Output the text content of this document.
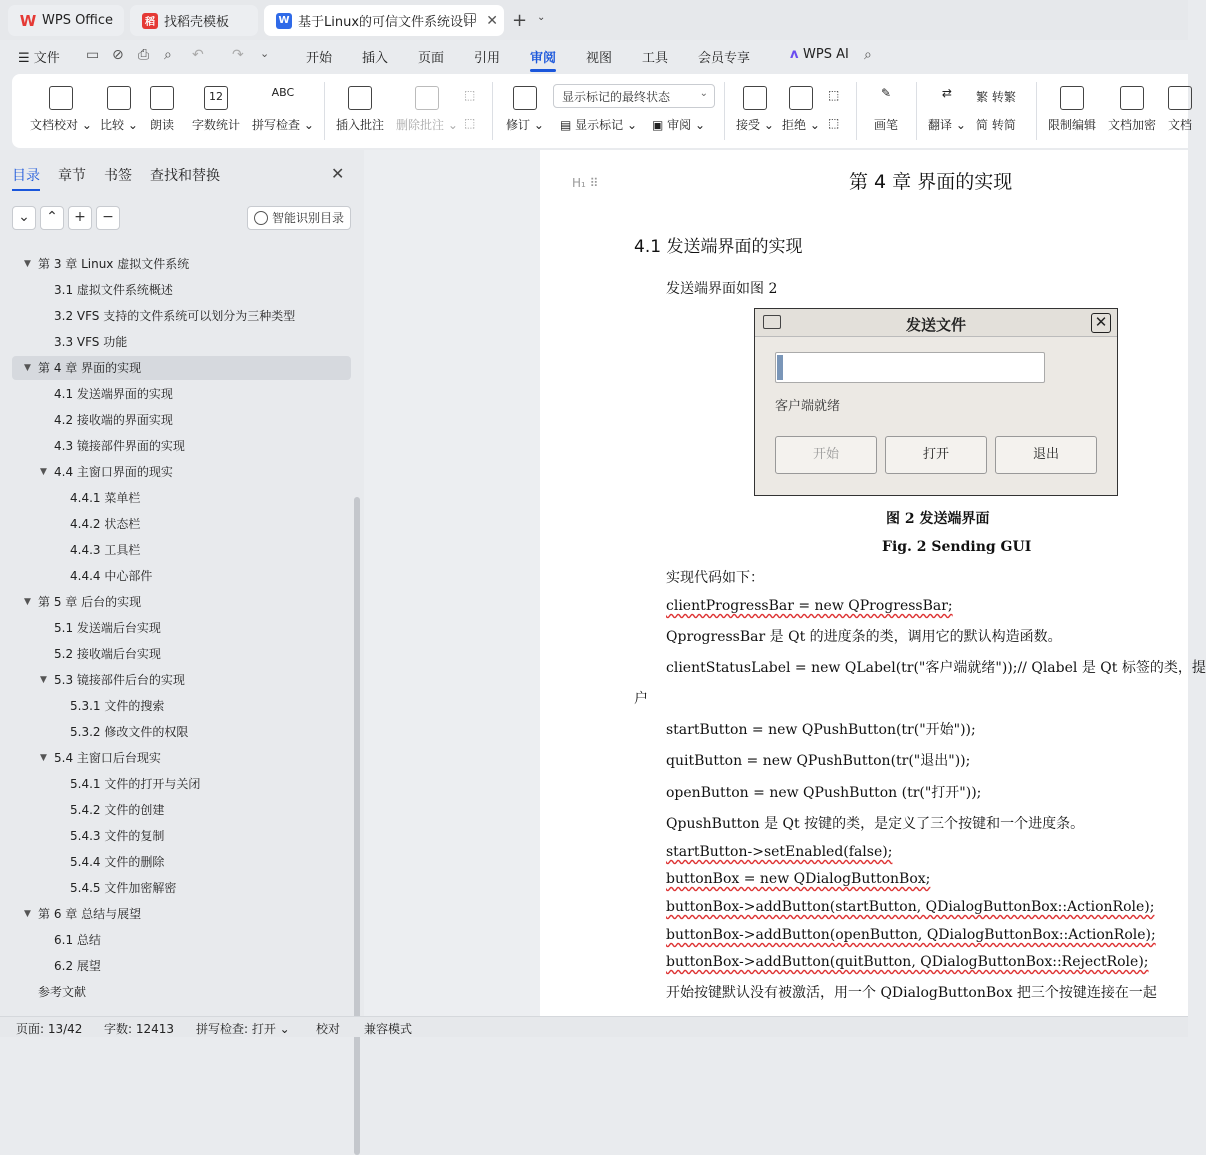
W WPS Office	稻 找稻壳模板	W 基于Linux的可信文件系统设计 ✕ + ⌄
☰ 文件 ▭ ⊘ ⎙ ⌕ ↶ ↷ ⌄	开始 插入 页面 引用 审阅 视图 工具 会员专享	ʌ WPS AI ⌕
文档校对 ⌄ 比较 ⌄ 朗读
12
字数统计
ABC
拼写检查 ⌄ 插入批注 删除批注 ⌄
⬚
⬚	修订 ⌄
显示标记的最终状态	⌄
▤ 显示标记 ⌄ ▣ 审阅 ⌄	接受 ⌄ 拒绝 ⌄
⬚
⬚
✎
画笔
⇄
翻译 ⌄
繁 转繁
简 转简	限制编辑 文档加密 文档
目录 章节 书签 查找和替换	✕
⌄	⌃	+	−	智能识别目录
▼ 第 3 章 Linux 虚拟文件系统
3.1 虚拟文件系统概述
3.2 VFS 支持的文件系统可以划分为三种类型
3.3 VFS 功能
▼ 第 4 章 界面的实现
4.1 发送端界面的实现
4.2 接收端的界面实现
4.3 镜接部件界面的实现
▼ 4.4 主窗口界面的现实
4.4.1 菜单栏
4.4.2 状态栏
4.4.3 工具栏
4.4.4 中心部件
▼ 第 5 章 后台的实现
5.1 发送端后台实现
5.2 接收端后台实现
▼ 5.3 镜接部件后台的实现
5.3.1 文件的搜索
5.3.2 修改文件的权限
▼ 5.4 主窗口后台现实
5.4.1 文件的打开与关闭
5.4.2 文件的创建
5.4.3 文件的复制
5.4.4 文件的删除
5.4.5 文件加密解密
▼ 第 6 章 总结与展望
6.1 总结
6.2 展望
参考文献
H₁ ⠿	第 4 章 界面的实现
4.1 发送端界面的实现
发送端界面如图 2
发送文件	✕
客户端就绪
开始	打开	退出
图 2 发送端界面
Fig. 2 Sending GUI
实现代码如下：
clientProgressBar = new QProgressBar;
QprogressBar 是 Qt 的进度条的类，调用它的默认构造函数。
clientStatusLabel = new QLabel(tr("客户端就绪"));// Qlabel 是 Qt 标签的类，提
户
startButton = new QPushButton(tr("开始"));
quitButton = new QPushButton(tr("退出"));
openButton = new QPushButton (tr("打开"));
QpushButton 是 Qt 按键的类，是定义了三个按键和一个进度条。
startButton->setEnabled(false);
buttonBox = new QDialogButtonBox;
buttonBox->addButton(startButton, QDialogButtonBox::ActionRole);
buttonBox->addButton(openButton, QDialogButtonBox::ActionRole);
buttonBox->addButton(quitButton, QDialogButtonBox::RejectRole);
开始按键默认没有被激活，用一个 QDialogButtonBox 把三个按键连接在一起
页面: 13/42 字数: 12413 拼写检查: 打开 ⌄ 校对 兼容模式
